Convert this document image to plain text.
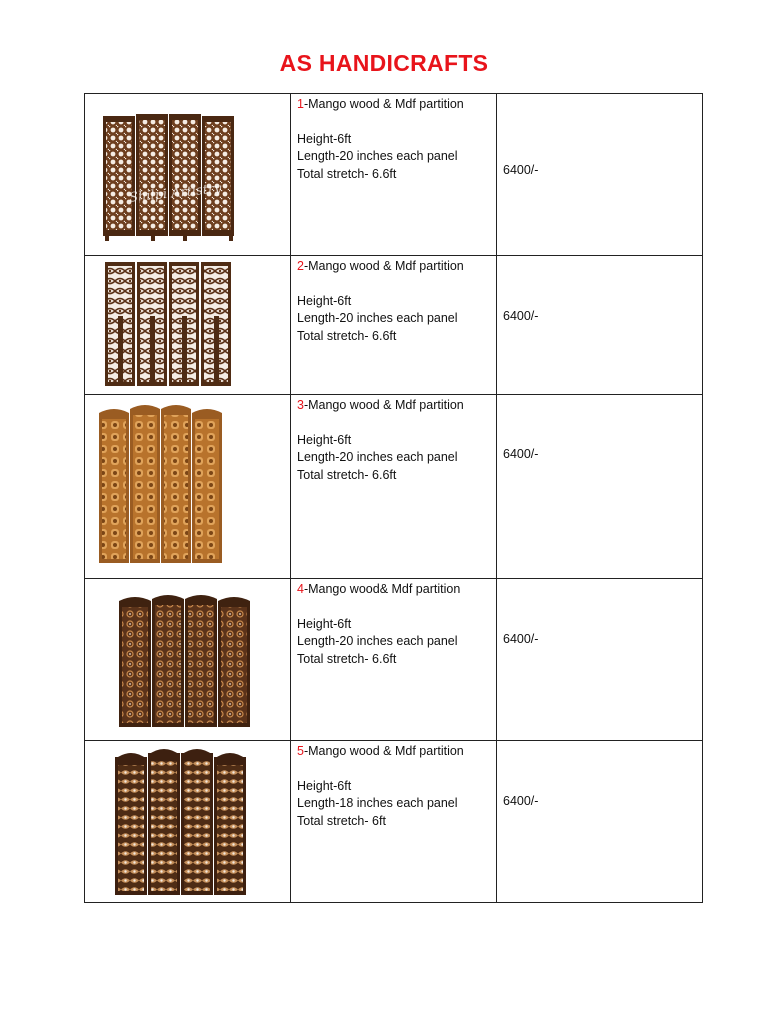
AS HANDICRAFTS
Shilpi Artistry	1-Mango wood & Mdf partition
Height-6ft
Length-20 inches each panel
Total stretch- 6.6ft	6400/-

2-Mango wood & Mdf partition
Height-6ft
Length-20 inches each panel
Total stretch- 6.6ft	6400/-

3-Mango wood & Mdf partition
Height-6ft
Length-20 inches each panel
Total stretch- 6.6ft	6400/-

4-Mango wood& Mdf partition
Height-6ft
Length-20 inches each panel
Total stretch- 6.6ft	6400/-

5-Mango wood & Mdf partition
Height-6ft
Length-18 inches each panel
Total stretch- 6ft	6400/-
